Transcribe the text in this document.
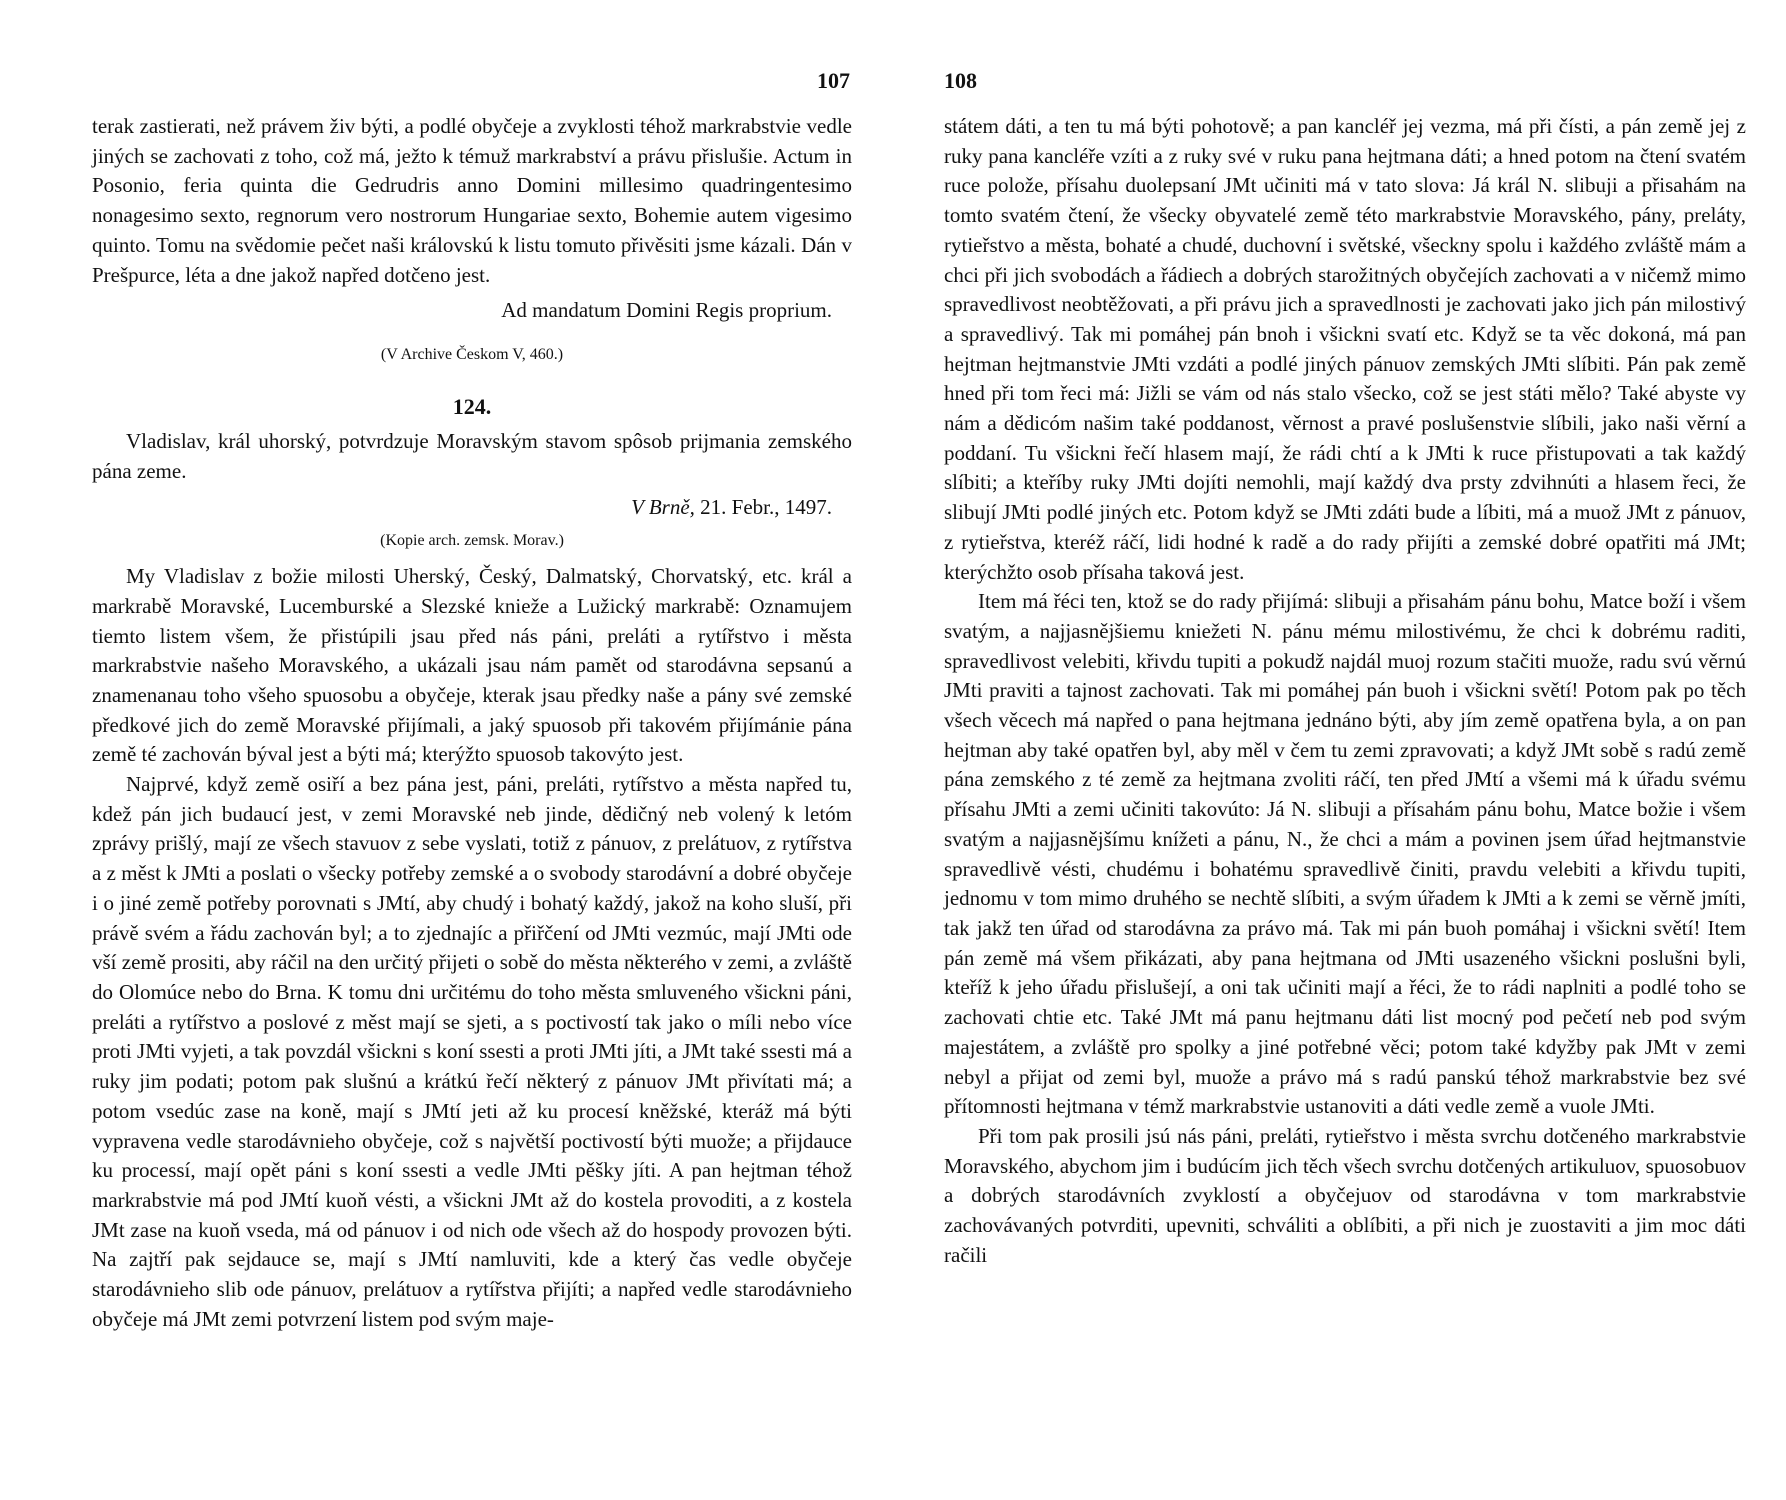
107

terak zastierati, než právem živ býti, a podlé obyčeje a zvyklosti téhož markrabstvie vedle jiných se zachovati z toho, což má, ježto k témuž markrabství a právu přislušie. Actum in Posonio, feria quinta die Gedrudris anno Domini millesimo quadringentesimo nonagesimo sexto, regnorum vero nostrorum Hungariae sexto, Bohemie autem vigesimo quinto. Tomu na svědomie pečet naši královskú k listu tomuto přivěsiti jsme kázali. Dán v Prešpurce, léta a dne jakož napřed dotčeno jest.

Ad mandatum Domini Regis proprium.

(V Archive Českom V, 460.)

124.

Vladislav, král uhorský, potvrdzuje Moravským stavom spôsob prijmania zemského pána zeme.

V Brně, 21. Febr., 1497.

(Kopie arch. zemsk. Morav.)

My Vladislav z božie milosti Uherský, Český, Dalmatský, Chorvatský, etc. král a markrabě Moravské, Lucemburské a Slezské knieže a Lužický markrabě: Oznamujem tiemto listem všem, že přistúpili jsau před nás páni, preláti a rytířstvo i města markrabstvie našeho Moravského, a ukázali jsau nám pamět od starodávna sepsanú a znamenanau toho všeho spuosobu a obyčeje, kterak jsau předky naše a pány své zemské předkové jich do země Moravské přijímali, a jaký spuosob při takovém přijímánie pána země té zachován býval jest a býti má; kterýžto spuosob takovýto jest.

Najprvé, když země osiří a bez pána jest, páni, preláti, rytířstvo a města napřed tu, kdež pán jich budaucí jest, v zemi Moravské neb jinde, dědičný neb volený k letóm zprávy prišlý, mají ze všech stavuov z sebe vyslati, totiž z pánuov, z prelátuov, z rytířstva a z měst k JMti a poslati o všecky potřeby zemské a o svobody starodávní a dobré obyčeje i o jiné země potřeby porovnati s JMtí, aby chudý i bohatý každý, jakož na koho sluší, při právě svém a řádu zachován byl; a to zjednajíc a přiřčení od JMti vezmúc, mají JMti ode vší země prositi, aby ráčil na den určitý přijeti o sobě do města některého v zemi, a zvláště do Olomúce nebo do Brna. K tomu dni určitému do toho města smluveného všickni páni, preláti a rytířstvo a poslové z měst mají se sjeti, a s poctivostí tak jako o míli nebo více proti JMti vyjeti, a tak povzdál všickni s koní ssesti a proti JMti jíti, a JMt také ssesti má a ruky jim podati; potom pak slušnú a krátkú řečí některý z pánuov JMt přivítati má; a potom vsedúc zase na koně, mají s JMtí jeti až ku procesí kněžské, kteráž má býti vypravena vedle starodávnieho obyčeje, což s najvětší poctivostí býti muože; a přijdauce ku processí, mají opět páni s koní ssesti a vedle JMti pěšky jíti. A pan hejtman téhož markrabstvie má pod JMtí kuoň vésti, a všickni JMt až do kostela provoditi, a z kostela JMt zase na kuoň vseda, má od pánuov i od nich ode všech až do hospody provozen býti. Na zajtří pak sejdauce se, mají s JMtí namluviti, kde a který čas vedle obyčeje starodávnieho slib ode pánuov, prelátuov a rytířstva přijíti; a napřed vedle starodávnieho obyčeje má JMt zemi potvrzení listem pod svým maje-

108

státem dáti, a ten tu má býti pohotově; a pan kancléř jej vezma, má při čísti, a pán země jej z ruky pana kancléře vzíti a z ruky své v ruku pana hejtmana dáti; a hned potom na čtení svatém ruce polože, přísahu duolepsaní JMt učiniti má v tato slova: Já král N. slibuji a přisahám na tomto svatém čtení, že všecky obyvatelé země této markrabstvie Moravského, pány, preláty, rytieřstvo a města, bohaté a chudé, duchovní i světské, všeckny spolu i každého zvláště mám a chci při jich svobodách a řádiech a dobrých starožitných obyčejích zachovati a v ničemž mimo spravedlivost neobtěžovati, a při právu jich a spravedlnosti je zachovati jako jich pán milostivý a spravedlivý. Tak mi pomáhej pán bnoh i všickni svatí etc. Když se ta věc dokoná, má pan hejtman hejtmanstvie JMti vzdáti a podlé jiných pánuov zemských JMti slíbiti. Pán pak země hned při tom řeci má: Jižli se vám od nás stalo všecko, což se jest státi mělo? Také abyste vy nám a dědicóm našim také poddanost, věrnost a pravé poslušenstvie slíbili, jako naši věrní a poddaní. Tu všickni řečí hlasem mají, že rádi chtí a k JMti k ruce přistupovati a tak každý slíbiti; a kteříby ruky JMti dojíti nemohli, mají každý dva prsty zdvihnúti a hlasem řeci, že slibují JMti podlé jiných etc. Potom když se JMti zdáti bude a líbiti, má a muož JMt z pánuov, z rytieřstva, kteréž ráčí, lidi hodné k radě a do rady přijíti a zemské dobré opatřiti má JMt; kterýchžto osob přísaha taková jest.

Item má řéci ten, ktož se do rady přijímá: slibuji a přisahám pánu bohu, Matce boží i všem svatým, a najjasnějšiemu kniežeti N. pánu mému milostivému, že chci k dobrému raditi, spravedlivost velebiti, křivdu tupiti a pokudž najdál muoj rozum stačiti muože, radu svú věrnú JMti praviti a tajnost zachovati. Tak mi pomáhej pán buoh i všickni světí! Potom pak po těch všech věcech má napřed o pana hejtmana jednáno býti, aby jím země opatřena byla, a on pan hejtman aby také opatřen byl, aby měl v čem tu zemi zpravovati; a když JMt sobě s radú země pána zemského z té země za hejtmana zvoliti ráčí, ten před JMtí a všemi má k úřadu svému přísahu JMti a zemi učiniti takovúto: Já N. slibuji a přísahám pánu bohu, Matce božie i všem svatým a najjasnějšímu knížeti a pánu, N., že chci a mám a povinen jsem úřad hejtmanstvie spravedlivě vésti, chudému i bohatému spravedlivě činiti, pravdu velebiti a křivdu tupiti, jednomu v tom mimo druhého se nechtě slíbiti, a svým úřadem k JMti a k zemi se věrně jmíti, tak jakž ten úřad od starodávna za právo má. Tak mi pán buoh pomáhaj i všickni světí! Item pán země má všem přikázati, aby pana hejtmana od JMti usazeného všickni poslušni byli, kteříž k jeho úřadu přislušejí, a oni tak učiniti mají a řéci, že to rádi naplniti a podlé toho se zachovati chtie etc. Také JMt má panu hejtmanu dáti list mocný pod pečetí neb pod svým majestátem, a zvláště pro spolky a jiné potřebné věci; potom také kdyžby pak JMt v zemi nebyl a přijat od zemi byl, muože a právo má s radú panskú téhož markrabstvie bez své přítomnosti hejtmana v témž markrabstvie ustanoviti a dáti vedle země a vuole JMti.

Při tom pak prosili jsú nás páni, preláti, rytieřstvo i města svrchu dotčeného markrabstvie Moravského, abychom jim i budúcím jich těch všech svrchu dotčených artikuluov, spuosobuov a dobrých starodávních zvyklostí a obyčejuov od starodávna v tom markrabstvie zachovávaných potvrditi, upevniti, schváliti a oblíbiti, a při nich je zuostaviti a jim moc dáti račili
